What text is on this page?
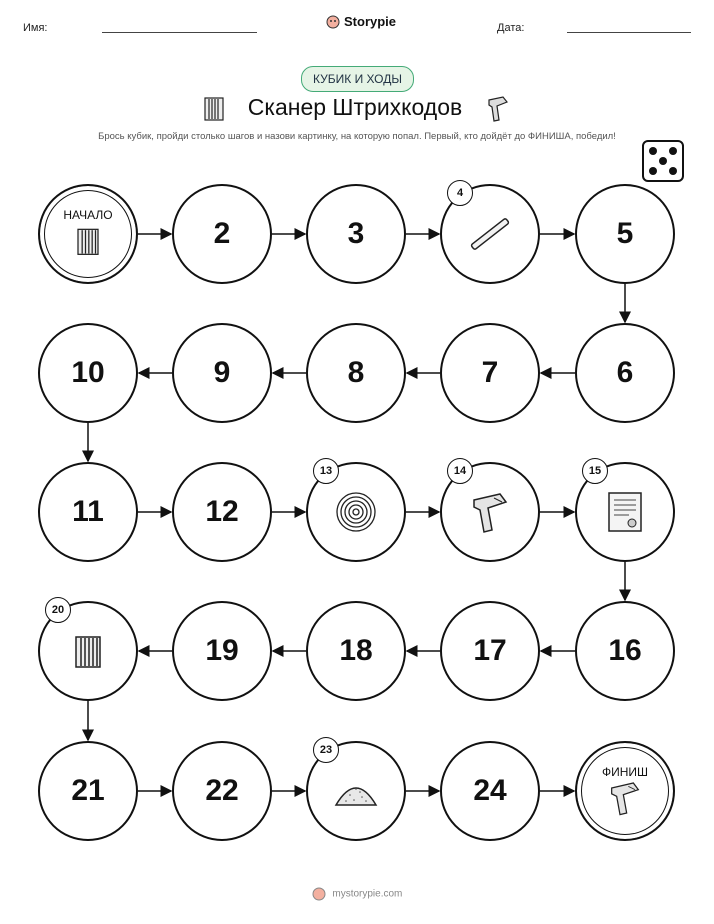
Имя:	Storypie	Дата:
КУБИК И ХОДЫ
Сканер Штрихкодов
Брось кубик, пройди столько шагов и назови картинку, на которую попал. Первый, кто дойдёт до ФИНИША, победил!
НАЧАЛО
2	3
4
5
6
7
8
9
10
11	12
13	14	15
16
17
18
19
20
21	22
23
24
ФИНИШ
mystorypie.com
